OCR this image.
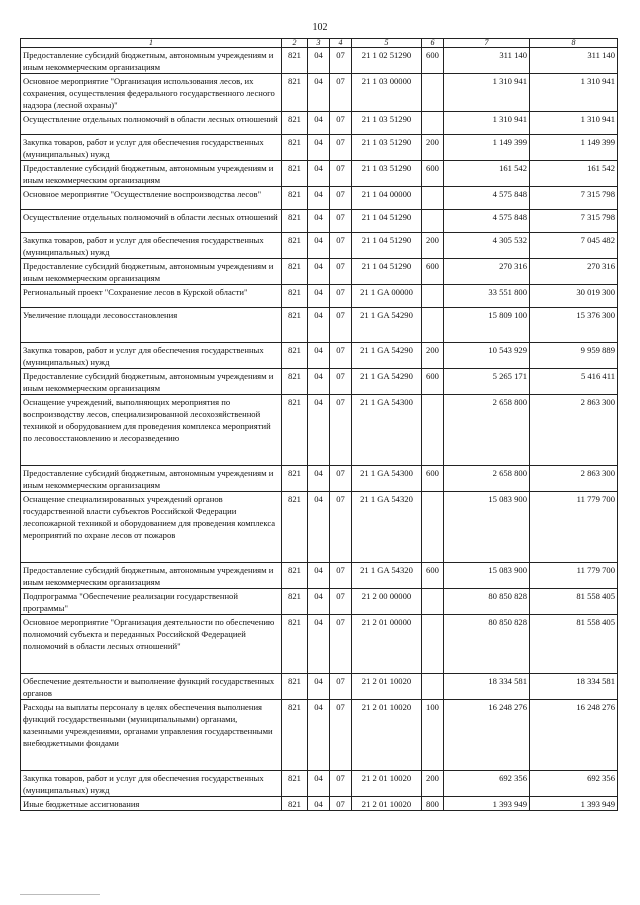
102
1	2	3	4	5	6	7	8
Предоставление субсидий бюджетным, автономным учреждениям и иным некоммерческим организациям	821	04	07	21 1 02 51290	600	311 140	311 140
Основное мероприятие "Организация использования лесов, их сохранения, осуществления федерального государственного лесного надзора (лесной охраны)"	821	04	07	21 1 03 00000		1 310 941	1 310 941
Осуществление отдельных полномочий в области лесных отношений	821	04	07	21 1 03 51290		1 310 941	1 310 941
Закупка товаров, работ и услуг для обеспечения государственных (муниципальных) нужд	821	04	07	21 1 03 51290	200	1 149 399	1 149 399
Предоставление субсидий бюджетным, автономным учреждениям и иным некоммерческим организациям	821	04	07	21 1 03 51290	600	161 542	161 542
Основное мероприятие "Осуществление воспроизводства лесов"	821	04	07	21 1 04 00000		4 575 848	7 315 798
Осуществление отдельных полномочий в области лесных отношений	821	04	07	21 1 04 51290		4 575 848	7 315 798
Закупка товаров, работ и услуг для обеспечения государственных (муниципальных) нужд	821	04	07	21 1 04 51290	200	4 305 532	7 045 482
Предоставление субсидий бюджетным, автономным учреждениям и иным некоммерческим организациям	821	04	07	21 1 04 51290	600	270 316	270 316
Региональный проект "Сохранение лесов в Курской области"	821	04	07	21 1 GA 00000		33 551 800	30 019 300
Увеличение площади лесовосстановления	821	04	07	21 1 GA 54290		15 809 100	15 376 300
Закупка товаров, работ и услуг для обеспечения государственных (муниципальных) нужд	821	04	07	21 1 GA 54290	200	10 543 929	9 959 889
Предоставление субсидий бюджетным, автономным учреждениям и иным некоммерческим организациям	821	04	07	21 1 GA 54290	600	5 265 171	5 416 411
Оснащение учреждений, выполняющих мероприятия по воспроизводству лесов, специализированной лесохозяйственной техникой и оборудованием для проведения комплекса мероприятий по лесовосстановлению и лесоразведению	821	04	07	21 1 GA 54300		2 658 800	2 863 300
Предоставление субсидий бюджетным, автономным учреждениям и иным некоммерческим организациям	821	04	07	21 1 GA 54300	600	2 658 800	2 863 300
Оснащение специализированных учреждений органов государственной власти субъектов Российской Федерации лесопожарной техникой и оборудованием для проведения комплекса мероприятий по охране лесов от пожаров	821	04	07	21 1 GA 54320		15 083 900	11 779 700
Предоставление субсидий бюджетным, автономным учреждениям и иным некоммерческим организациям	821	04	07	21 1 GA 54320	600	15 083 900	11 779 700
Подпрограмма "Обеспечение реализации государственной программы"	821	04	07	21 2 00 00000		80 850 828	81 558 405
Основное мероприятие "Организация деятельности по обеспечению полномочий субъекта и переданных Российской Федерацией полномочий в области лесных отношений"	821	04	07	21 2 01 00000		80 850 828	81 558 405
Обеспечение деятельности и выполнение функций государственных органов	821	04	07	21 2 01 10020		18 334 581	18 334 581
Расходы на выплаты персоналу в целях обеспечения выполнения функций государственными (муниципальными) органами, казенными учреждениями, органами управления государственными внебюджетными фондами	821	04	07	21 2 01 10020	100	16 248 276	16 248 276
Закупка товаров, работ и услуг для обеспечения государственных (муниципальных) нужд	821	04	07	21 2 01 10020	200	692 356	692 356
Иные бюджетные ассигнования	821	04	07	21 2 01 10020	800	1 393 949	1 393 949
